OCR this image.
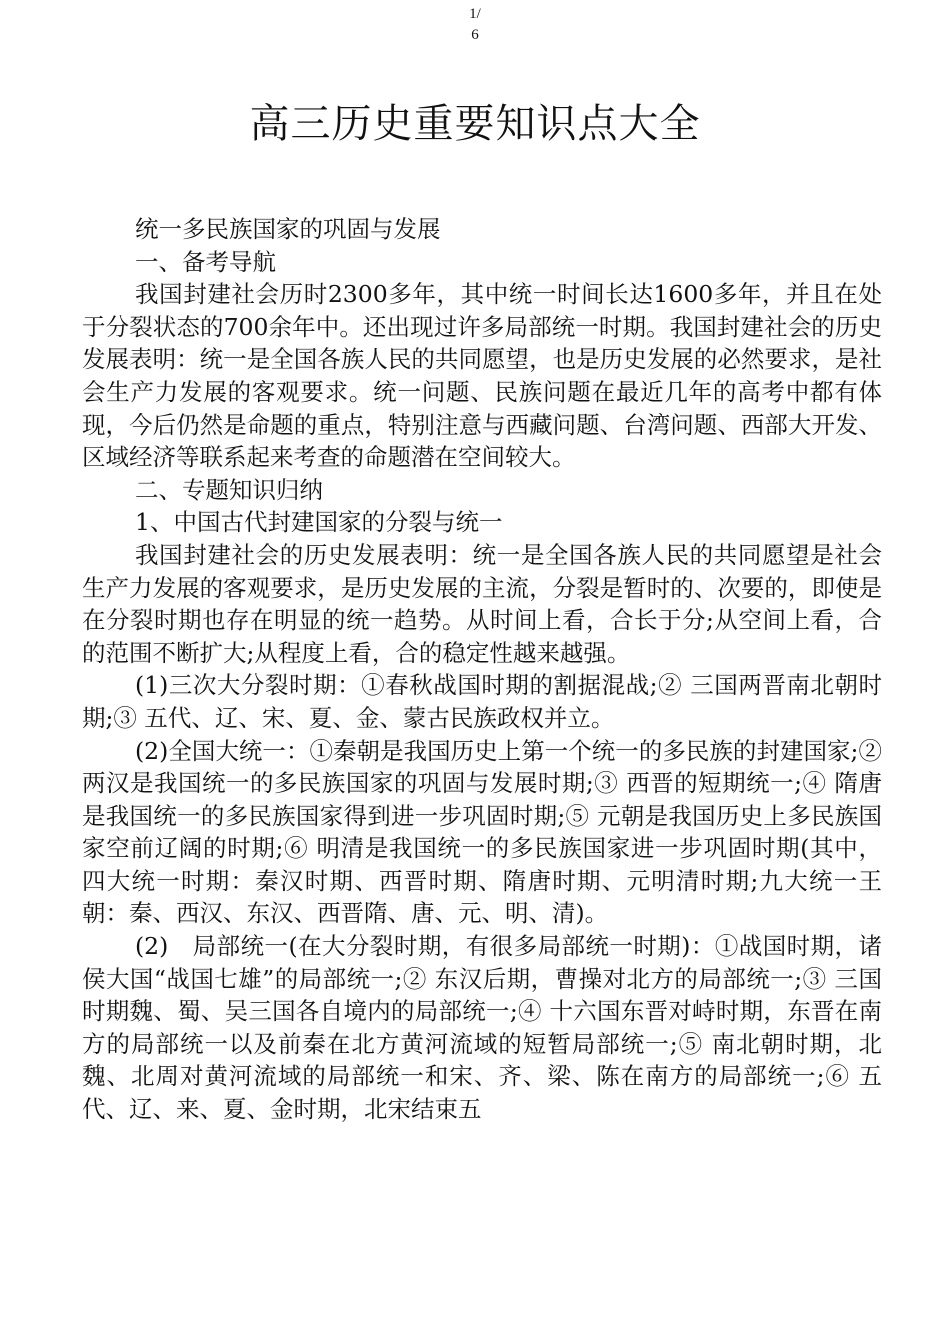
1/
6
高三历史重要知识点大全

统一多民族国家的巩固与发展

一、备考导航

我国封建社会历时2300多年，其中统一时间长达1600多年，并且在处于分裂状态的700余年中。还出现过许多局部统一时期。我国封建社会的历史发展表明：统一是全国各族人民的共同愿望，也是历史发展的必然要求，是社会生产力发展的客观要求。统一问题、民族问题在最近几年的高考中都有体现，今后仍然是命题的重点，特别注意与西藏问题、台湾问题、西部大开发、区域经济等联系起来考查的命题潜在空间较大。

二、专题知识归纳

1、中国古代封建国家的分裂与统一

我国封建社会的历史发展表明：统一是全国各族人民的共同愿望是社会生产力发展的客观要求，是历史发展的主流，分裂是暂时的、次要的，即使是在分裂时期也存在明显的统一趋势。从时间上看，合长于分;从空间上看，合的范围不断扩大;从程度上看，合的稳定性越来越强。

(1)三次大分裂时期：①春秋战国时期的割据混战;② 三国两晋南北朝时期;③ 五代、辽、宋、夏、金、蒙古民族政权并立。

(2)全国大统一：①秦朝是我国历史上第一个统一的多民族的封建国家;② 两汉是我国统一的多民族国家的巩固与发展时期;③ 西晋的短期统一;④ 隋唐是我国统一的多民族国家得到进一步巩固时期;⑤ 元朝是我国历史上多民族国家空前辽阔的时期;⑥ 明清是我国统一的多民族国家进一步巩固时期(其中，四大统一时期：秦汉时期、西晋时期、隋唐时期、元明清时期;九大统一王朝：秦、西汉、东汉、西晋隋、唐、元、明、清)。

(2)　局部统一(在大分裂时期，有很多局部统一时期)：①战国时期，诸侯大国“战国七雄”的局部统一;② 东汉后期，曹操对北方的局部统一;③ 三国时期魏、蜀、吴三国各自境内的局部统一;④ 十六国东晋对峙时期，东晋在南方的局部统一以及前秦在北方黄河流域的短暂局部统一;⑤ 南北朝时期，北魏、北周对黄河流域的局部统一和宋、齐、梁、陈在南方的局部统一;⑥ 五代、辽、来、夏、金时期，北宋结束五
